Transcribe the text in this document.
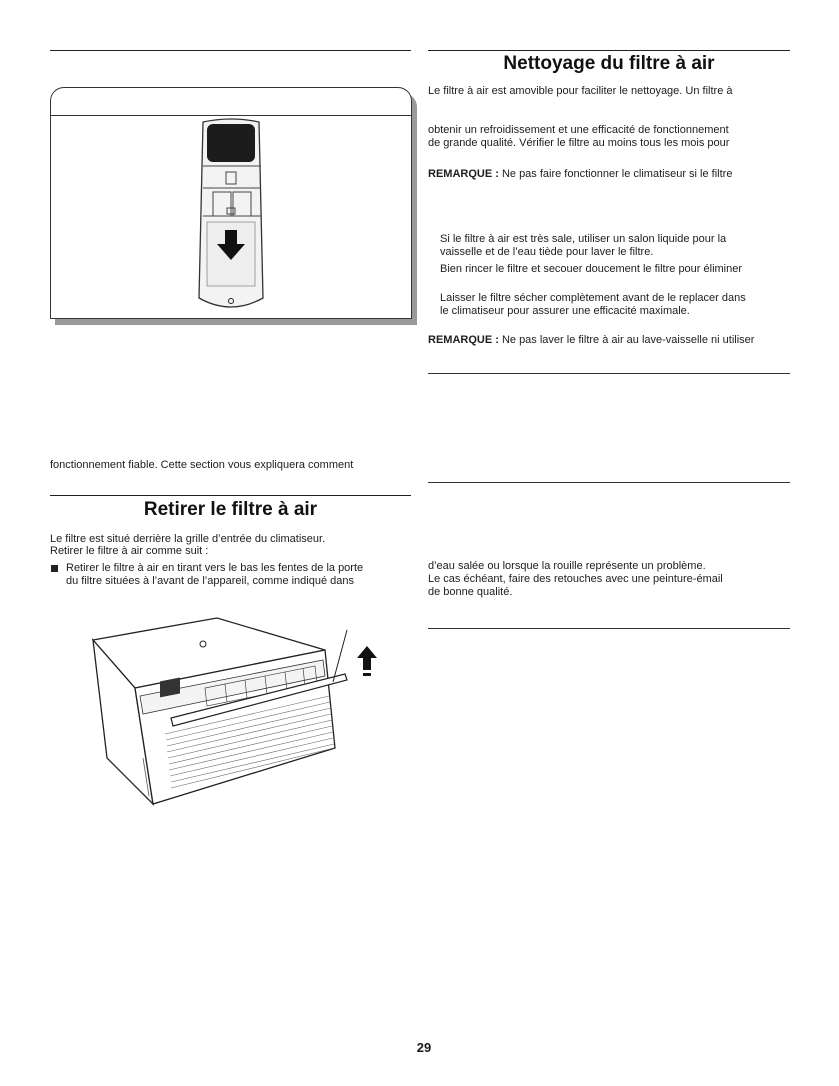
fonctionnement fiable. Cette section vous expliquera comment
Retirer le filtre à air
Le filtre est situé derrière la grille d’entrée du climatiseur.
Retirer le filtre à air comme suit :
Retirer le filtre à air en tirant vers le bas les fentes de la porte
du filtre situées à l’avant de l’appareil, comme indiqué dans
Nettoyage du filtre à air
Le filtre à air est amovible pour faciliter le nettoyage. Un filtre à
obtenir un refroidissement et une efficacité de fonctionnement
de grande qualité. Vérifier le filtre au moins tous les mois pour
REMARQUE : Ne pas faire fonctionner le climatiseur si le filtre
Si le filtre à air est très sale, utiliser un salon liquide pour la
vaisselle et de l’eau tiède pour laver le filtre.
Bien rincer le filtre et secouer doucement le filtre pour éliminer
Laisser le filtre sécher complètement avant de le replacer dans
le climatiseur pour assurer une efficacité maximale.
REMARQUE : Ne pas laver le filtre à air au lave-vaisselle ni utiliser
d’eau salée ou lorsque la rouille représente un problème.
Le cas échéant, faire des retouches avec une peinture-émail
de bonne qualité.
29
